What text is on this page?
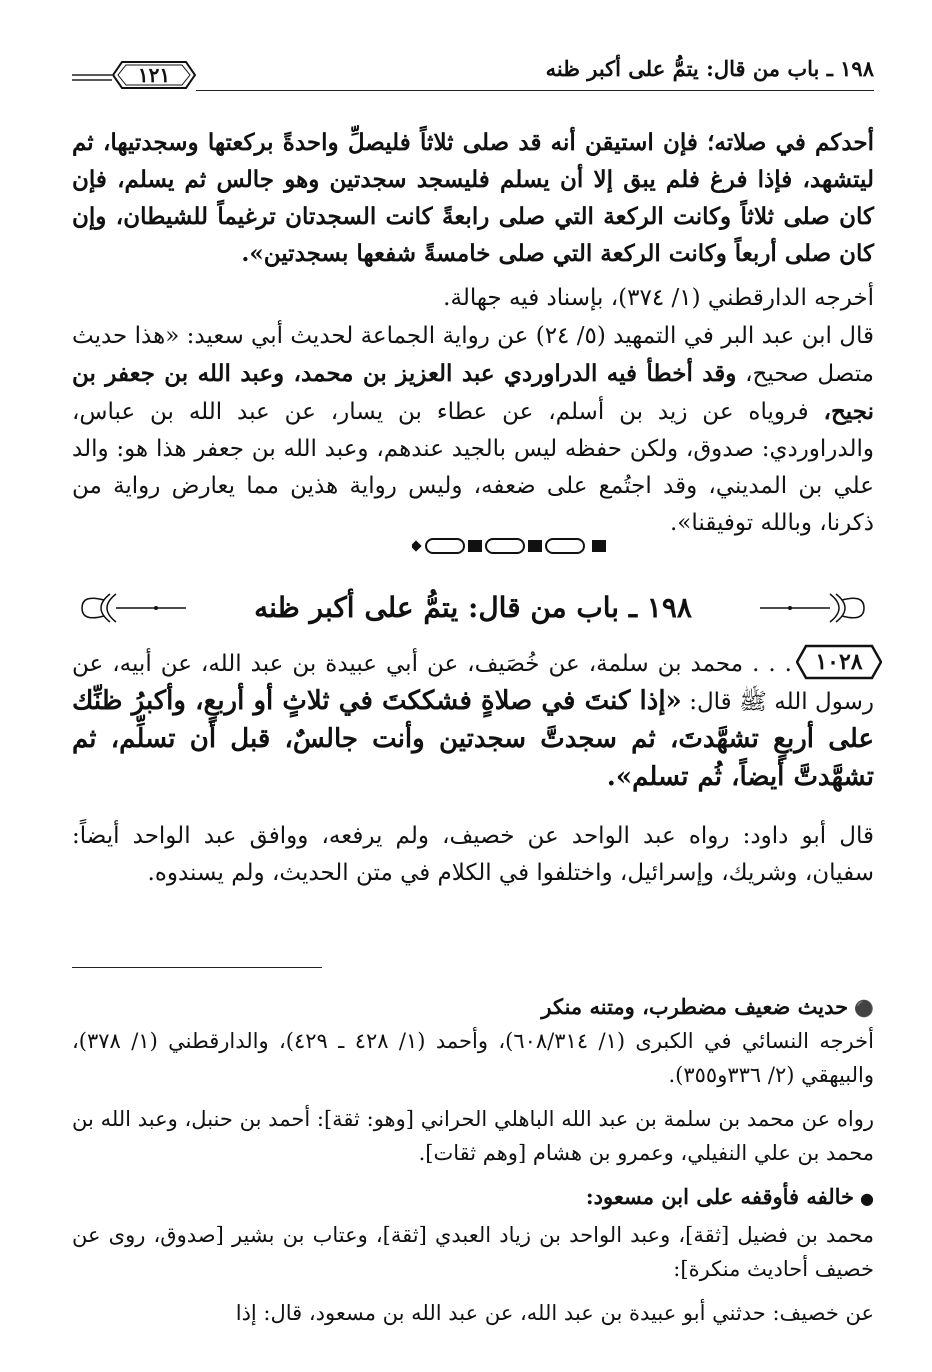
١٩٨ ـ باب من قال: يتمُّ على أكبر ظنه
١٢١
أحدكم في صلاته؛ فإن استيقن أنه قد صلى ثلاثاً فليصلِّ واحدةً بركعتها وسجدتيها، ثم ليتشهد، فإذا فرغ فلم يبق إلا أن يسلم فليسجد سجدتين وهو جالس ثم يسلم، فإن كان صلى ثلاثاً وكانت الركعة التي صلى رابعةً كانت السجدتان ترغيماً للشيطان، وإن كان صلى أربعاً وكانت الركعة التي صلى خامسةً شفعها بسجدتين».
أخرجه الدارقطني (١/ ٣٧٤)، بإسناد فيه جهالة.
قال ابن عبد البر في التمهيد (٥/ ٢٤) عن رواية الجماعة لحديث أبي سعيد: «هذا حديث متصل صحيح، وقد أخطأ فيه الدراوردي عبد العزيز بن محمد، وعبد الله بن جعفر بن نجيح، فروياه عن زيد بن أسلم، عن عطاء بن يسار، عن عبد الله بن عباس، والدراوردي: صدوق، ولكن حفظه ليس بالجيد عندهم، وعبد الله بن جعفر هذا هو: والد علي بن المديني، وقد اجتُمع على ضعفه، وليس رواية هذين مما يعارض رواية من ذكرنا، وبالله توفيقنا».
١٩٨ ـ باب من قال: يتمُّ على أكبر ظنه
١٠٢٨
. . . محمد بن سلمة، عن خُصَيف، عن أبي عبيدة بن عبد الله، عن أبيه، عن رسول الله ﷺ قال: «إذا كنتَ في صلاةٍ فشككتَ في ثلاثٍ أو أربعٍ، وأكبرُ ظنِّك على أربعٍ تشهَّدتَ، ثم سجدتَّ سجدتين وأنت جالسٌ، قبل أن تسلِّم، ثم تشهَّدتَّ أيضاً، ثُم تسلم».
قال أبو داود: رواه عبد الواحد عن خصيف، ولم يرفعه، ووافق عبد الواحد أيضاً: سفيان، وشريك، وإسرائيل، واختلفوا في الكلام في متن الحديث، ولم يسندوه.
⚫حديث ضعيف مضطرب، ومتنه منكر
أخرجه النسائي في الكبرى (١/ ٦٠٨/٣١٤)، وأحمد (١/ ٤٢٨ ـ ٤٢٩)، والدارقطني (١/ ٣٧٨)، والبيهقي (٢/ ٣٣٦و٣٥٥).
رواه عن محمد بن سلمة بن عبد الله الباهلي الحراني [وهو: ثقة]: أحمد بن حنبل، وعبد الله بن محمد بن علي النفيلي، وعمرو بن هشام [وهم ثقات].
●خالفه فأوقفه على ابن مسعود:
محمد بن فضيل [ثقة]، وعبد الواحد بن زياد العبدي [ثقة]، وعتاب بن بشير [صدوق، روى عن خصيف أحاديث منكرة]:
عن خصيف: حدثني أبو عبيدة بن عبد الله، عن عبد الله بن مسعود، قال: إذا
